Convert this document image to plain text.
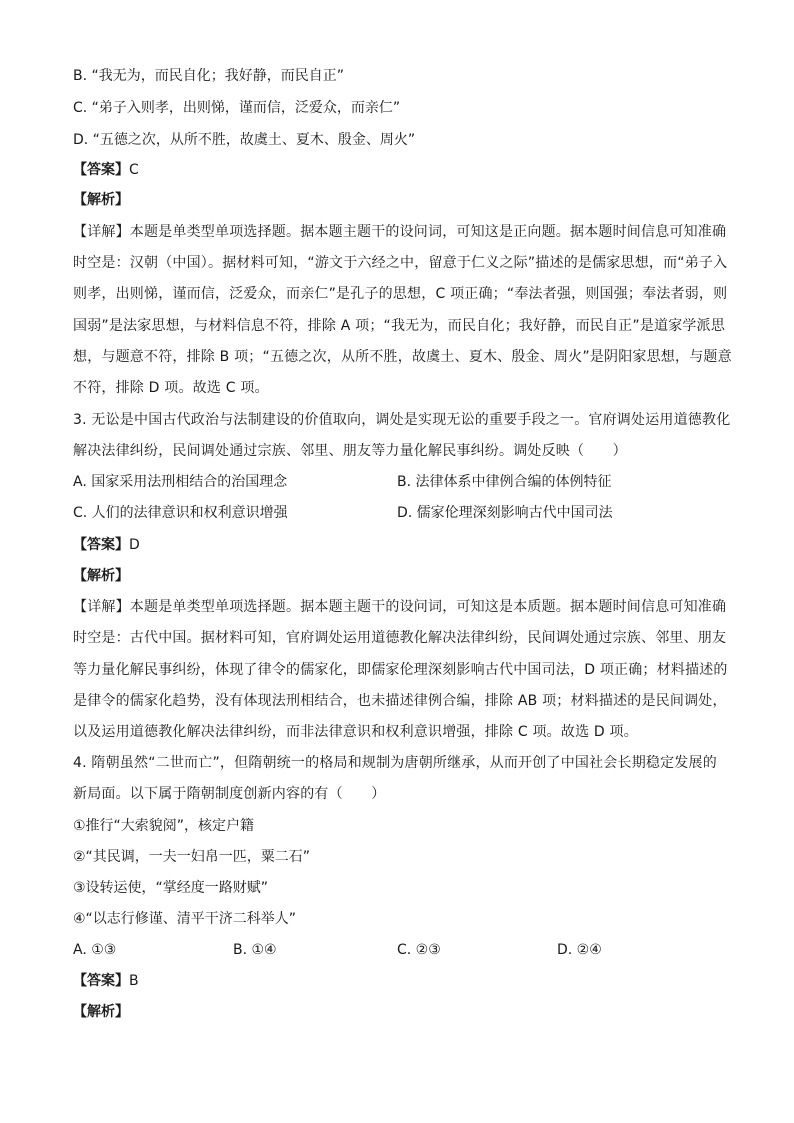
B. “我无为，而民自化；我好静，而民自正”
C. “弟子入则孝，出则悌，谨而信，泛爱众，而亲仁”
D. “五德之次，从所不胜，故虞土、夏木、殷金、周火”
【答案】C
【解析】
【详解】本题是单类型单项选择题。据本题主题干的设问词，可知这是正向题。据本题时间信息可知准确
时空是：汉朝（中国）。据材料可知，“游文于六经之中，留意于仁义之际”描述的是儒家思想，而“弟子入
则孝，出则悌，谨而信，泛爱众，而亲仁”是孔子的思想，C 项正确；“奉法者强，则国强；奉法者弱，则
国弱”是法家思想，与材料信息不符，排除 A 项；“我无为，而民自化；我好静，而民自正”是道家学派思
想，与题意不符，排除 B 项；“五德之次，从所不胜，故虞土、夏木、殷金、周火”是阴阳家思想，与题意
不符，排除 D 项。故选 C 项。
3. 无讼是中国古代政治与法制建设的价值取向，调处是实现无讼的重要手段之一。官府调处运用道德教化
解决法律纠纷，民间调处通过宗族、邻里、朋友等力量化解民事纠纷。调处反映（　　）
A. 国家采用法刑相结合的治国理念	B. 法律体系中律例合编的体例特征
C. 人们的法律意识和权利意识增强	D. 儒家伦理深刻影响古代中国司法
【答案】D
【解析】
【详解】本题是单类型单项选择题。据本题主题干的设问词，可知这是本质题。据本题时间信息可知准确
时空是：古代中国。据材料可知，官府调处运用道德教化解决法律纠纷，民间调处通过宗族、邻里、朋友
等力量化解民事纠纷，体现了律令的儒家化，即儒家伦理深刻影响古代中国司法，D 项正确；材料描述的
是律令的儒家化趋势，没有体现法刑相结合，也未描述律例合编，排除 AB 项；材料描述的是民间调处，
以及运用道德教化解决法律纠纷，而非法律意识和权利意识增强，排除 C 项。故选 D 项。
4. 隋朝虽然“二世而亡”，但隋朝统一的格局和规制为唐朝所继承，从而开创了中国社会长期稳定发展的
新局面。以下属于隋朝制度创新内容的有（　　）
①推行“大索貌阅”，核定户籍
②“其民调，一夫一妇帛一匹，粟二石”
③设转运使，“掌经度一路财赋”
④“以志行修谨、清平干济二科举人”
A. ①③	B. ①④	C. ②③	D. ②④
【答案】B
【解析】
